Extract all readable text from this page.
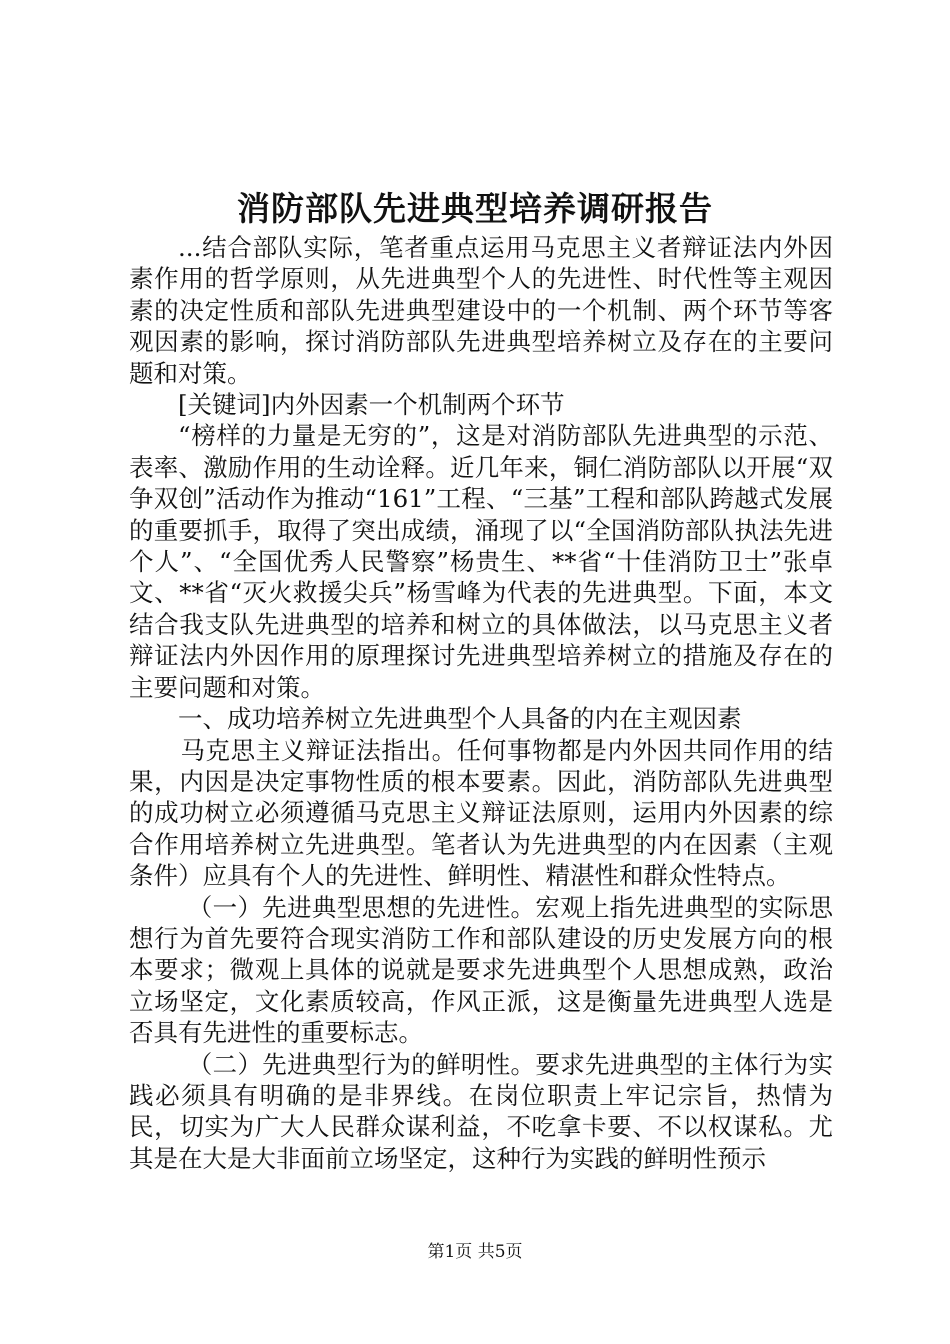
消防部队先进典型培养调研报告

...结合部队实际，笔者重点运用马克思主义者辩证法内外因素作用的哲学原则，从先进典型个人的先进性、时代性等主观因素的决定性质和部队先进典型建设中的一个机制、两个环节等客观因素的影响，探讨消防部队先进典型培养树立及存在的主要问题和对策。

[关键词]内外因素一个机制两个环节

“榜样的力量是无穷的”，这是对消防部队先进典型的示范、表率、激励作用的生动诠释。近几年来，铜仁消防部队以开展“双争双创”活动作为推动“161”工程、“三基”工程和部队跨越式发展的重要抓手，取得了突出成绩，涌现了以“全国消防部队执法先进个人”、“全国优秀人民警察”杨贵生、**省“十佳消防卫士”张卓文、**省“灭火救援尖兵”杨雪峰为代表的先进典型。下面，本文结合我支队先进典型的培养和树立的具体做法，以马克思主义者辩证法内外因作用的原理探讨先进典型培养树立的措施及存在的主要问题和对策。

一、成功培养树立先进典型个人具备的内在主观因素

马克思主义辩证法指出。任何事物都是内外因共同作用的结果，内因是决定事物性质的根本要素。因此，消防部队先进典型的成功树立必须遵循马克思主义辩证法原则，运用内外因素的综合作用培养树立先进典型。笔者认为先进典型的内在因素（主观条件）应具有个人的先进性、鲜明性、精湛性和群众性特点。

（一）先进典型思想的先进性。宏观上指先进典型的实际思想行为首先要符合现实消防工作和部队建设的历史发展方向的根本要求；微观上具体的说就是要求先进典型个人思想成熟，政治立场坚定，文化素质较高，作风正派，这是衡量先进典型人选是否具有先进性的重要标志。

（二）先进典型行为的鲜明性。要求先进典型的主体行为实践必须具有明确的是非界线。在岗位职责上牢记宗旨，热情为民，切实为广大人民群众谋利益，不吃拿卡要、不以权谋私。尤其是在大是大非面前立场坚定，这种行为实践的鲜明性预示

第1页 共5页
